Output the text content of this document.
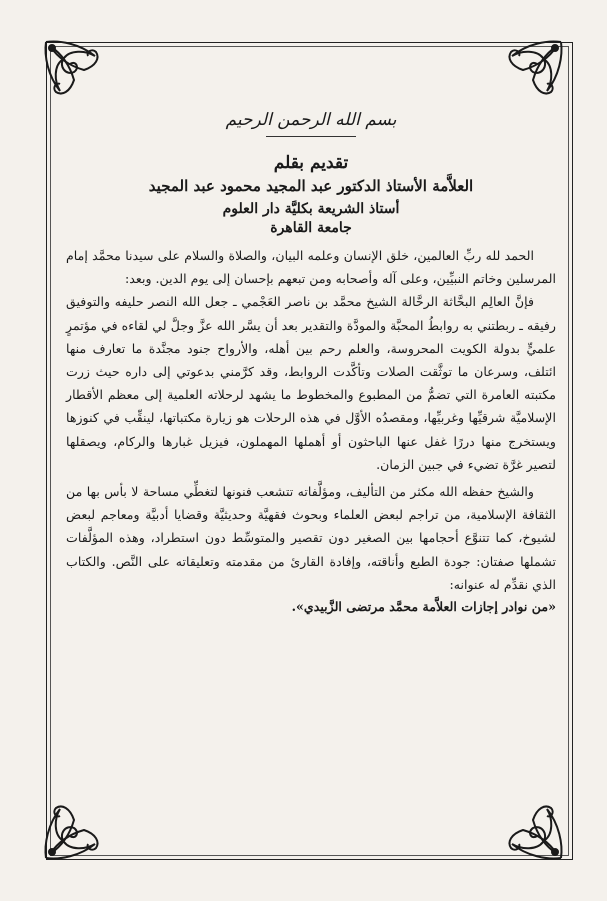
بسم الله الرحمن الرحيم
تقديم بقلم
العلاَّمة الأستاذ الدكتور عبد المجيد محمود عبد المجيد
أستاذ الشريعة بكليَّة دار العلوم
جامعة القاهرة

الحمد لله ربِّ العالمين، خلق الإنسان وعلمه البيان، والصلاة والسلام على سيدنا محمَّد إمام المرسلين وخاتم النبيِّين، وعلى آله وأصحابه ومن تبعهم بإحسان إلى يوم الدين. وبعد:

فإنَّ العالِم البحَّاثة الرحَّالة الشيخ محمَّد بن ناصر العَجْمي ـ جعل الله النصر حليفه والتوفيق رفيقه ـ ربطتني به روابطُ المحبَّة والمودَّة والتقدير بعد أن يسَّر الله عزَّ وجلَّ لي لقاءه في مؤتمرٍ علميٍّ بدولة الكويت المحروسة، والعلم رحم بين أهله، والأرواح جنود مجنَّدة ما تعارف منها ائتلف، وسرعان ما توثَّقت الصلات وتأكَّدت الروابط، وقد كرَّمني بدعوتي إلى داره حيث زرت مكتبته العامرة التي تضمُّ من المطبوع والمخطوط ما يشهد لرحلاته العلمية إلى معظم الأقطار الإسلاميَّة شرقيِّها وغربيِّها، ومقصدُه الأوَّل في هذه الرحلات هو زيارة مكتباتها، لينقِّب في كنوزها ويستخرج منها دررًا غفل عنها الباحثون أو أهملها المهملون، فيزيل غبارها والركام، ويصقلها لتصير غرَّة تضيء في جبين الزمان.

والشيخ حفظه الله مكثر من التأليف، ومؤلَّفاته تتشعب فنونها لتغطِّي مساحة لا بأس بها من الثقافة الإسلامية، من تراجم لبعض العلماء وبحوث فقهيَّة وحديثيَّة وقضايا أدبيَّة ومعاجم لبعض لشيوخ، كما تتنوَّع أحجامها بين الصغير دون تقصير والمتوسِّط دون استطراد، وهذه المؤلَّفات تشملها صفتان: جودة الطبع وأناقته، وإفادة القارئ من مقدمته وتعليقاته على النَّص. والكتاب الذي نقدِّم له عنوانه:

«من نوادر إجازات العلاَّمة محمَّد مرتضى الزَّبيدي».
